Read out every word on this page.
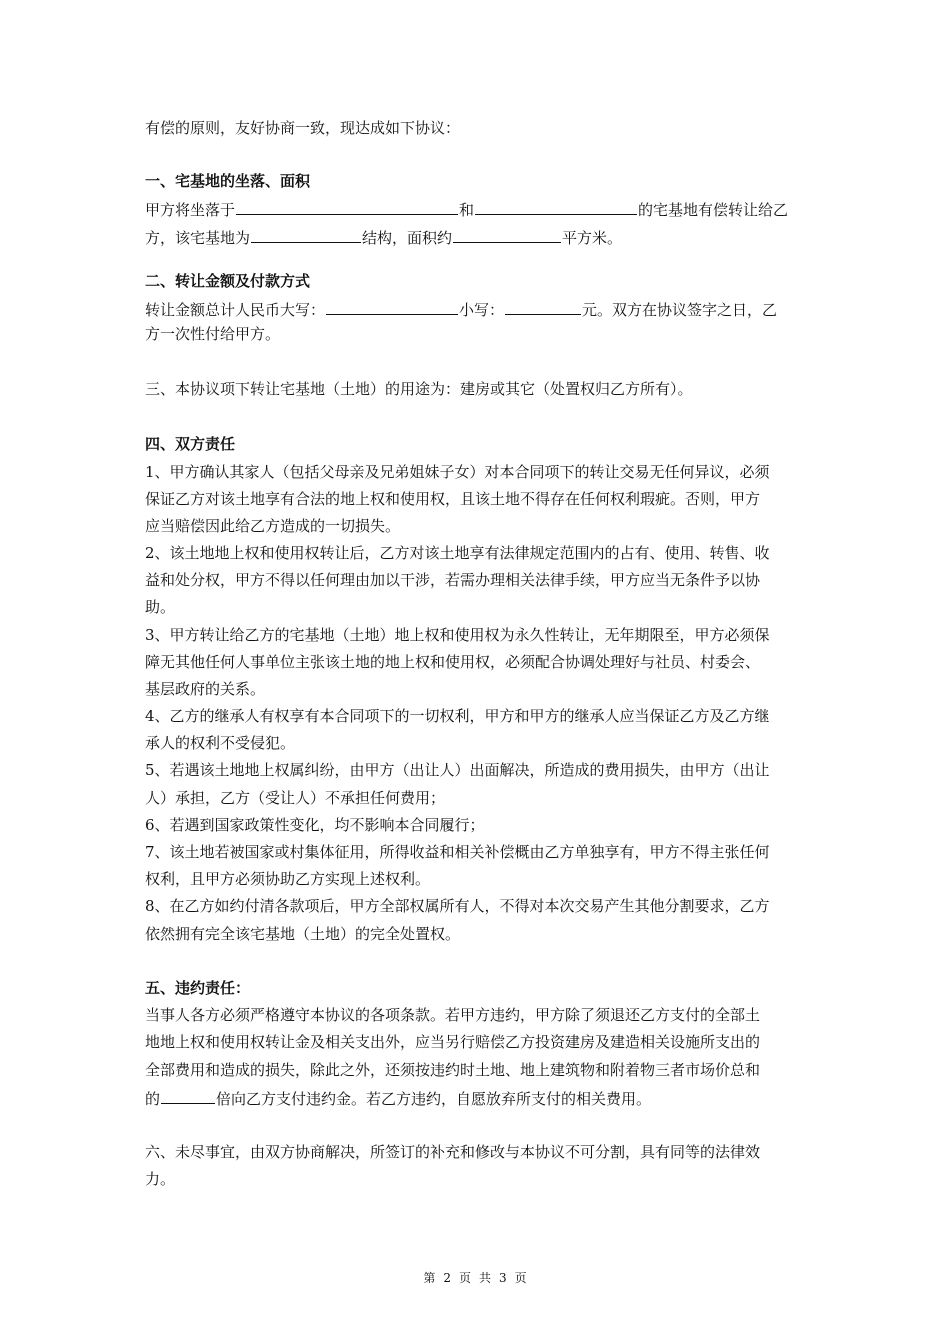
有偿的原则，友好协商一致，现达成如下协议：
一、宅基地的坐落、面积
甲方将坐落于	和	的宅基地有偿转让给乙
方，该宅基地为	结构，面积约	平方米。
二、转让金额及付款方式
转让金额总计人民币大写：	小写：	元。双方在协议签字之日，乙
方一次性付给甲方。
三、本协议项下转让宅基地（土地）的用途为：建房或其它（处置权归乙方所有）。
四、双方责任
1、甲方确认其家人（包括父母亲及兄弟姐妹子女）对本合同项下的转让交易无任何异议，必须
保证乙方对该土地享有合法的地上权和使用权，且该土地不得存在任何权利瑕疵。否则，甲方
应当赔偿因此给乙方造成的一切损失。
2、该土地地上权和使用权转让后，乙方对该土地享有法律规定范围内的占有、使用、转售、收
益和处分权，甲方不得以任何理由加以干涉，若需办理相关法律手续，甲方应当无条件予以协
助。
3、甲方转让给乙方的宅基地（土地）地上权和使用权为永久性转让，无年期限至，甲方必须保
障无其他任何人事单位主张该土地的地上权和使用权，必须配合协调处理好与社员、村委会、
基层政府的关系。
4、乙方的继承人有权享有本合同项下的一切权利，甲方和甲方的继承人应当保证乙方及乙方继
承人的权利不受侵犯。
5、若遇该土地地上权属纠纷，由甲方（出让人）出面解决，所造成的费用损失，由甲方（出让
人）承担，乙方（受让人）不承担任何费用；
6、若遇到国家政策性变化，均不影响本合同履行；
7、该土地若被国家或村集体征用，所得收益和相关补偿概由乙方单独享有，甲方不得主张任何
权利，且甲方必须协助乙方实现上述权利。
8、在乙方如约付清各款项后，甲方全部权属所有人，不得对本次交易产生其他分割要求，乙方
依然拥有完全该宅基地（土地）的完全处置权。
五、违约责任：
当事人各方必须严格遵守本协议的各项条款。若甲方违约，甲方除了须退还乙方支付的全部土
地地上权和使用权转让金及相关支出外，应当另行赔偿乙方投资建房及建造相关设施所支出的
全部费用和造成的损失，除此之外，还须按违约时土地、地上建筑物和附着物三者市场价总和
的	倍向乙方支付违约金。若乙方违约，自愿放弃所支付的相关费用。
六、未尽事宜，由双方协商解决，所签订的补充和修改与本协议不可分割，具有同等的法律效
力。
第 2 页 共 3 页
